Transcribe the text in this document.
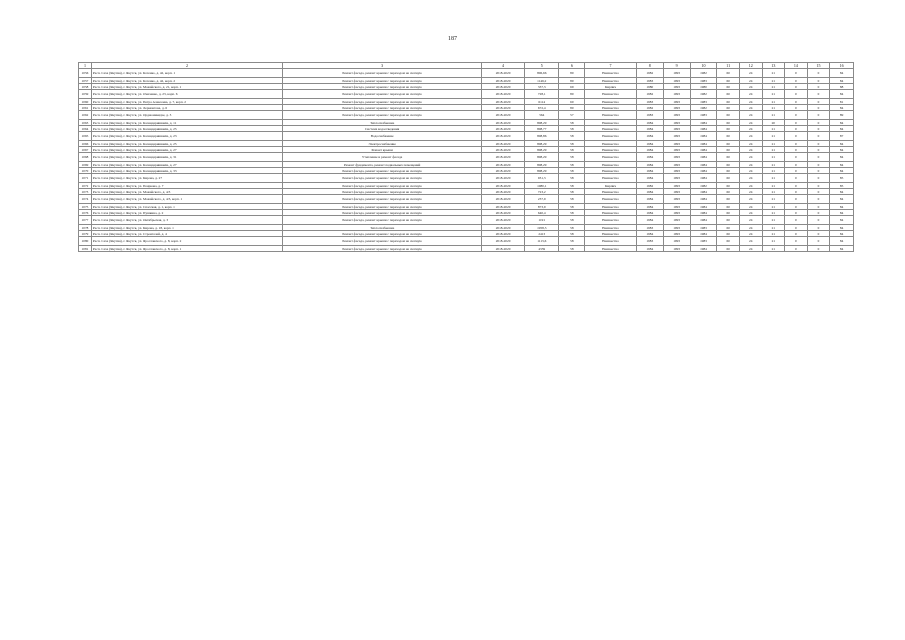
187
1	2	3	4	5	6	7	8	9	10	11	12	13	14	15	16
1056	Респ. Саха (Якутия), г. Якутск, ул. Котенко, д. 42, корп. 1	Ремонт фасада, ремонт крыши с переходом на скатную	2018-2020	806,66	80	Неизвестно	1982	1993	1982	60	24	21	0	0	84
1057	Респ. Саха (Якутия), г. Якутск, ул. Котенко, д. 42, корп. 2	Ремонт фасада, ремонт крыши с переходом на скатную	2018-2020	1146,2	80	Неизвестно	1983	1993	1983	60	24	21	0	0	84
1058	Респ. Саха (Якутия), г. Якутск, ул. Можайского, д. 21, корп. 1	Ремонт фасада, ремонт крыши с переходом на скатную	2018-2020	337,3	69	Кирпич	1980	1993	1980	60	24	21	0	0	88
1059	Респ. Саха (Якутия), г. Якутск, ул. Очиченко, д. 23, корп. 6	Ремонт фасада, ремонт крыши с переходом на скатную	2018-2020	728,1	80	Неизвестно	1982	1993	1982	60	24	21	0	0	84
1060	Респ. Саха (Якутия), г. Якутск, ул. Петра Алексеева, д. 7, корп. 2	Ремонт фасада, ремонт крыши с переходом на скатную	2018-2020	6114	60	Неизвестно	1983	1993	1983	60	24	21	0	0	81
1061	Респ. Саха (Якутия), г. Якутск, ул. Лермонтова, д. 6	Ремонт фасада, ремонт крыши с переходом на скатную	2018-2020	672,4	80	Неизвестно	1982	1993	1982	60	24	21	0	0	84
1062	Респ. Саха (Якутия), г. Якутск, ул. Орджоникидзе, д. 3	Ремонт фасада, ремонт крыши с переходом на скатную	2018-2020	564	57	Неизвестно	1983	1993	1983	60	24	21	0	0	89
1063	Респ. Саха (Якутия), г. Якутск, ул. Каландаришвили, д. 11	Теплоснабжение	2018-2020	808,29	58	Неизвестно	1984	1993	1984	60	24	20	0	0	84
1064	Респ. Саха (Якутия), г. Якутск, ул. Каландаришвили, д. 25	Система водоотведения	2018-2020	808,77	58	Неизвестно	1984	1993	1984	60	24	21	0	0	84
1065	Респ. Саха (Якутия), г. Якутск, ул. Каландаришвили, д. 23	Водоснабжение	2018-2020	808,86	58	Неизвестно	1984	1993	1984	60	24	21	0	0	87
1066	Респ. Саха (Якутия), г. Якутск, ул. Каландаришвили, д. 25	Электроснабжение	2018-2020	808,29	58	Неизвестно	1984	1993	1984	60	24	21	0	0	84
1067	Респ. Саха (Якутия), г. Якутск, ул. Каландаришвили, д. 27	Ремонт крыши	2018-2020	808,29	58	Неизвестно	1984	1993	1984	60	24	21	0	0	84
1068	Респ. Саха (Якутия), г. Якутск, ул. Каландаришвили, д. 31	Утепление и ремонт фасада	2018-2020	808,29	58	Неизвестно	1984	1993	1984	60	24	21	0	0	84
1069	Респ. Саха (Якутия), г. Якутск, ул. Каландаришвили, д. 27	Ремонт фундамента, ремонт подвальных помещений	2018-2020	808,29	58	Неизвестно	1984	1993	1984	60	24	21	0	0	84
1070	Респ. Саха (Якутия), г. Якутск, ул. Каландаришвили, д. 33	Ремонт фасада, ремонт крыши с переходом на скатную	2018-2020	808,29	58	Неизвестно	1984	1993	1984	60	24	21	0	0	84
1071	Респ. Саха (Якутия), г. Якутск, ул. Кирова, д. 27	Ремонт фасада, ремонт крыши с переходом на скатную	2018-2020	931,3	58	Неизвестно	1984	1993	1984	60	24	21	0	0	85
1072	Респ. Саха (Якутия), г. Якутск, ул. Пояркова, д. 7	Ремонт фасада, ремонт крыши с переходом на скатную	2018-2020	1080,1	58	Кирпич	1982	1993	1982	60	24	21	0	0	85
1073	Респ. Саха (Якутия), г. Якутск, ул. Можайского, д. 4/3	Ремонт фасада, ремонт крыши с переходом на скатную	2018-2020	723,2	58	Неизвестно	1984	1993	1984	60	24	21	0	0	84
1074	Респ. Саха (Якутия), г. Якутск, ул. Можайского, д. 4/3, корп. 1	Ремонт фасада, ремонт крыши с переходом на скатную	2018-2020	237,9	58	Неизвестно	1984	1993	1984	60	24	21	0	0	84
1075	Респ. Саха (Якутия), г. Якутск, ул. Спасская, д. 1, корп. 1	Ремонт фасада, ремонт крыши с переходом на скатную	2018-2020	873,9	58	Неизвестно	1984	1993	1984	60	24	21	0	0	84
1076	Респ. Саха (Якутия), г. Якутск, ул. Пушкина, д. 2	Ремонт фасада, ремонт крыши с переходом на скатную	2018-2020	640,4	58	Неизвестно	1984	1993	1984	60	24	21	0	0	84
1077	Респ. Саха (Якутия), г. Якутск, ул. Октябрьская, д. 3	Ремонт фасада, ремонт крыши с переходом на скатную	2018-2020	1191	58	Неизвестно	1984	1993	1984	60	24	21	0	0	84
1078	Респ. Саха (Якутия), г. Якутск, ул. Кирова, д. 18, корп. 1	Теплоснабжение	2018-2020	1958,3	58	Неизвестно	1983	1993	1983	60	24	21	0	0	84
1079	Респ. Саха (Якутия), г. Якутск, ул. Строителей, д. 4	Ремонт фасада, ремонт крыши с переходом на скатную	2018-2020	2413	58	Неизвестно	1984	1993	1984	60	24	21	0	0	84
1080	Респ. Саха (Якутия), г. Якутск, ул. Ярославского, д. 8, корп. 2	Ремонт фасада, ремонт крыши с переходом на скатную	2018-2020	1113,6	58	Неизвестно	1983	1993	1983	60	24	21	0	0	84
1081	Респ. Саха (Якутия), г. Якутск, ул. Ярославского, д. 8, корп. 1	Ремонт фасада, ремонт крыши с переходом на скатную	2018-2020	4339	58	Неизвестно	1984	1993	1984	60	24	21	0	0	84
